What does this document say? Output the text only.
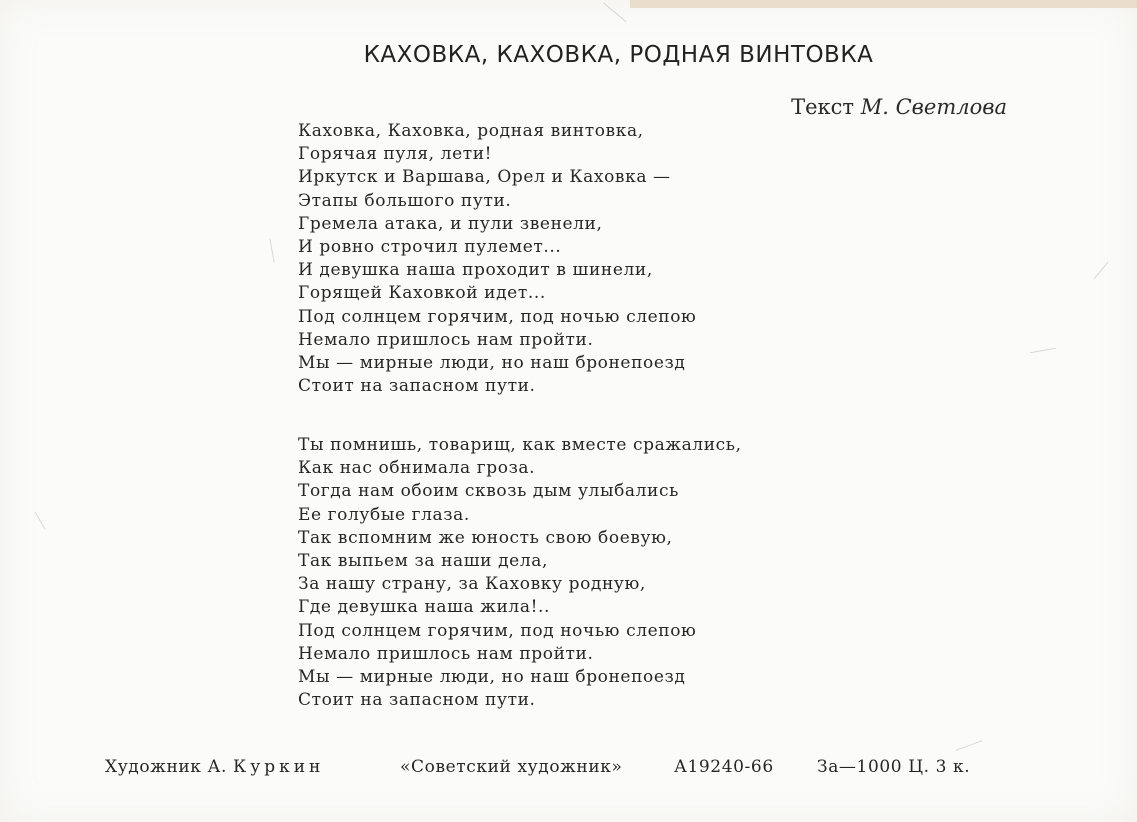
КАХОВКА, КАХОВКА, РОДНАЯ ВИНТОВКА
Текст М. Светлова
Каховка, Каховка, родная винтовка,
Горячая пуля, лети!
Иркутск и Варшава, Орел и Каховка —
Этапы большого пути.
Гремела атака, и пули звенели,
И ровно строчил пулемет...
И девушка наша проходит в шинели,
Горящей Каховкой идет...
Под солнцем горячим, под ночью слепою
Немало пришлось нам пройти.
Мы — мирные люди, но наш бронепоезд
Стоит на запасном пути.
Ты помнишь, товарищ, как вместе сражались,
Как нас обнимала гроза.
Тогда нам обоим сквозь дым улыбались
Ее голубые глаза.
Так вспомним же юность свою боевую,
Так выпьем за наши дела,
За нашу страну, за Каховку родную,
Где девушка наша жила!..
Под солнцем горячим, под ночью слепою
Немало пришлось нам пройти.
Мы — мирные люди, но наш бронепоезд
Стоит на запасном пути.
Художник А. Куркин	«Советский художник»	А19240-66	За—1000 Ц. 3 к.
